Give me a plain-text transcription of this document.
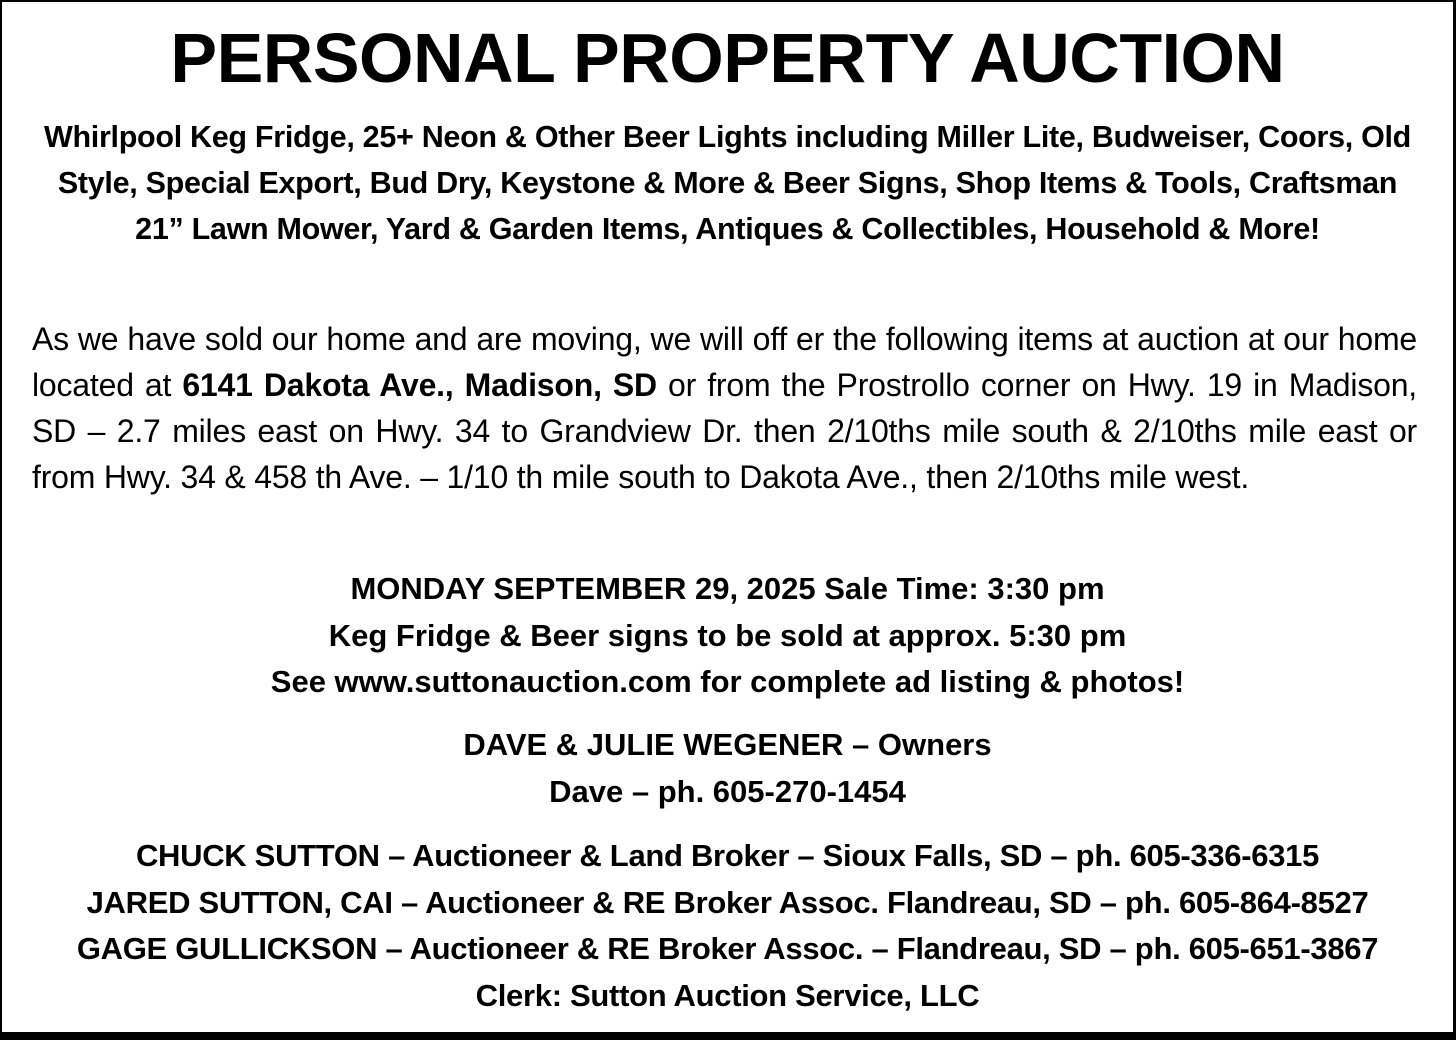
PERSONAL PROPERTY AUCTION
Whirlpool Keg Fridge, 25+ Neon & Other Beer Lights including Miller Lite, Budweiser, Coors, Old Style, Special Export, Bud Dry, Keystone & More & Beer Signs, Shop Items & Tools, Craftsman 21” Lawn Mower, Yard & Garden Items, Antiques & Collectibles, Household & More!
As we have sold our home and are moving, we will off er the following items at auction at our home located at 6141 Dakota Ave., Madison, SD or from the Prostrollo corner on Hwy. 19 in Madison, SD – 2.7 miles east on Hwy. 34 to Grandview Dr. then 2/10ths mile south & 2/10ths mile east or from Hwy. 34 & 458 th Ave. – 1/10 th mile south to Dakota Ave., then 2/10ths mile west.
MONDAY SEPTEMBER 29, 2025 Sale Time: 3:30 pm
Keg Fridge & Beer signs to be sold at approx. 5:30 pm
See www.suttonauction.com for complete ad listing & photos!
DAVE & JULIE WEGENER – Owners
Dave – ph. 605-270-1454
CHUCK SUTTON – Auctioneer & Land Broker – Sioux Falls, SD – ph. 605-336-6315
JARED SUTTON, CAI – Auctioneer & RE Broker Assoc. Flandreau, SD – ph. 605-864-8527
GAGE GULLICKSON – Auctioneer & RE Broker Assoc. – Flandreau, SD – ph. 605-651-3867
Clerk: Sutton Auction Service, LLC
